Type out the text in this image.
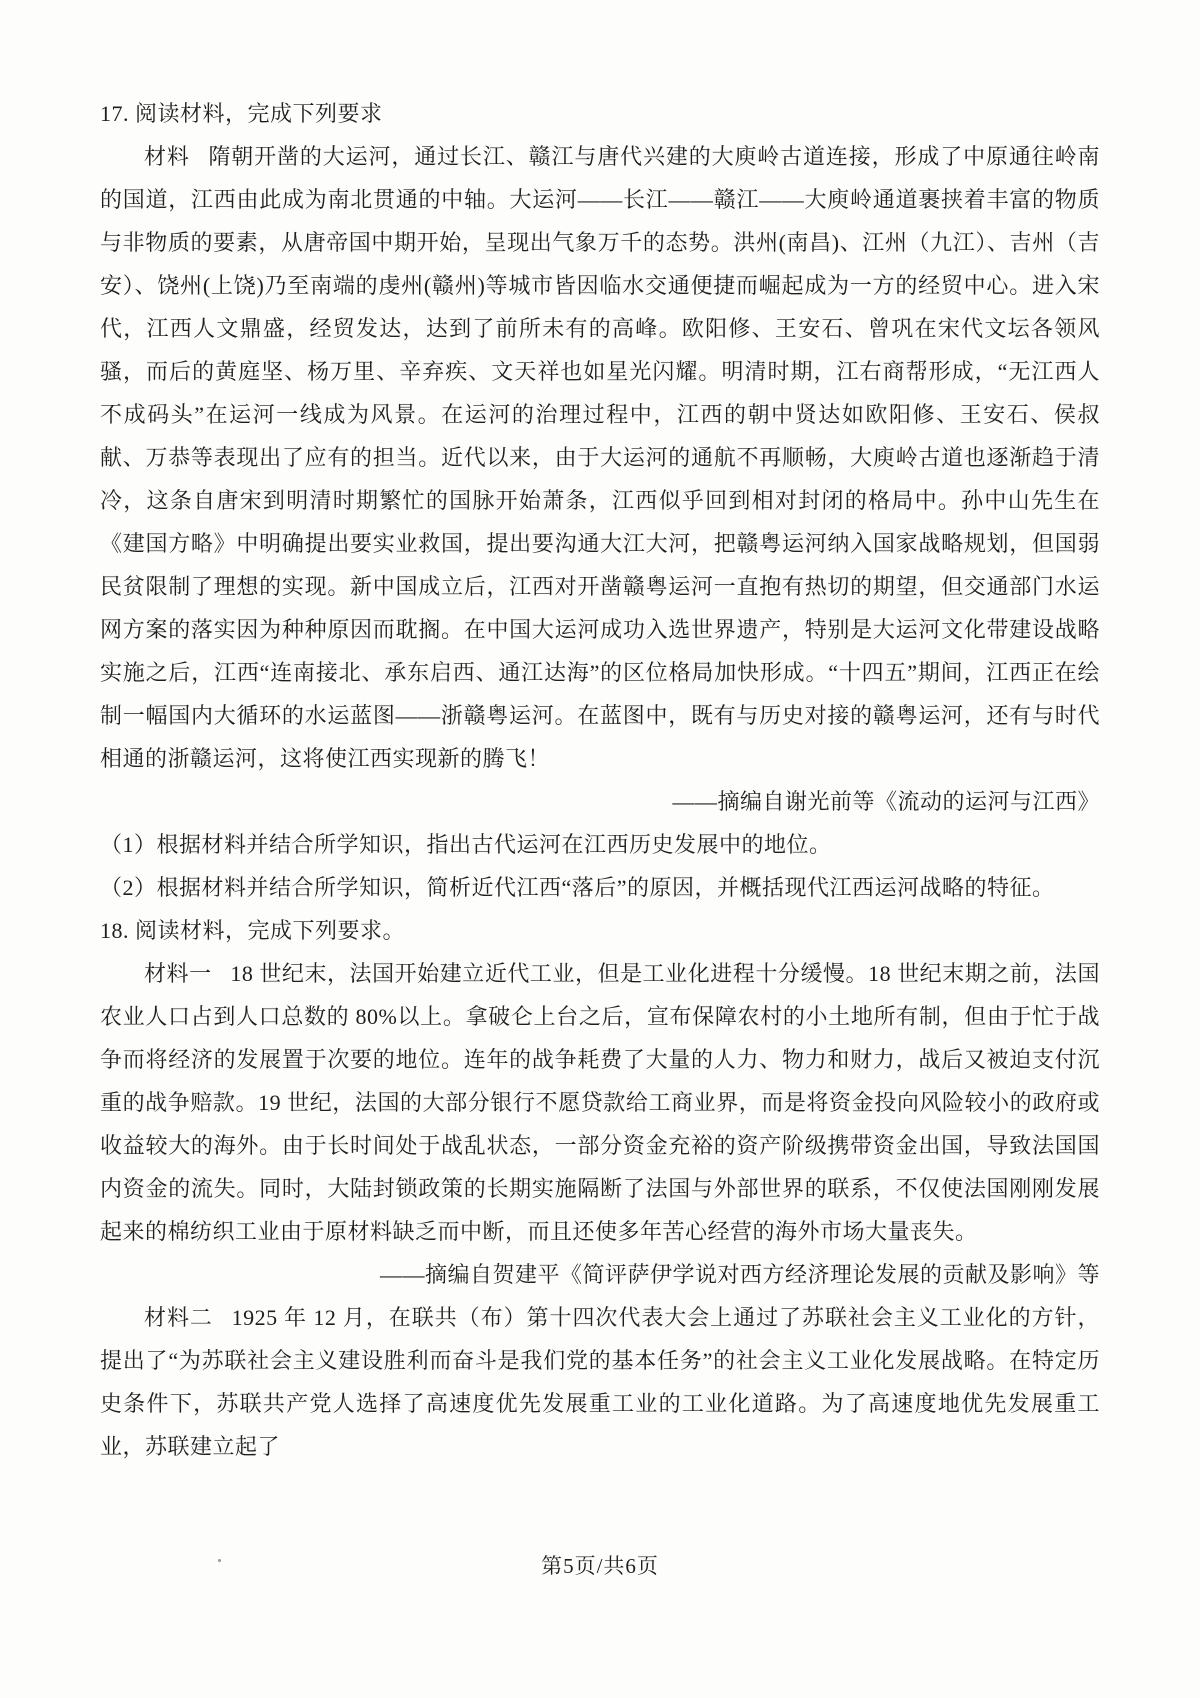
17. 阅读材料，完成下列要求

材料 隋朝开凿的大运河，通过长江、赣江与唐代兴建的大庾岭古道连接，形成了中原通往岭南的国道，江西由此成为南北贯通的中轴。大运河——长江——赣江——大庾岭通道裹挟着丰富的物质与非物质的要素，从唐帝国中期开始，呈现出气象万千的态势。洪州(南昌)、江州（九江）、吉州（吉安）、饶州(上饶)乃至南端的虔州(赣州)等城市皆因临水交通便捷而崛起成为一方的经贸中心。进入宋代，江西人文鼎盛，经贸发达，达到了前所未有的高峰。欧阳修、王安石、曾巩在宋代文坛各领风骚，而后的黄庭坚、杨万里、辛弃疾、文天祥也如星光闪耀。明清时期，江右商帮形成，“无江西人不成码头”在运河一线成为风景。在运河的治理过程中，江西的朝中贤达如欧阳修、王安石、侯叔献、万恭等表现出了应有的担当。近代以来，由于大运河的通航不再顺畅，大庾岭古道也逐渐趋于清冷，这条自唐宋到明清时期繁忙的国脉开始萧条，江西似乎回到相对封闭的格局中。孙中山先生在《建国方略》中明确提出要实业救国，提出要沟通大江大河，把赣粤运河纳入国家战略规划，但国弱民贫限制了理想的实现。新中国成立后，江西对开凿赣粤运河一直抱有热切的期望，但交通部门水运网方案的落实因为种种原因而耽搁。在中国大运河成功入选世界遗产，特别是大运河文化带建设战略实施之后，江西“连南接北、承东启西、通江达海”的区位格局加快形成。“十四五”期间，江西正在绘制一幅国内大循环的水运蓝图——浙赣粤运河。在蓝图中，既有与历史对接的赣粤运河，还有与时代相通的浙赣运河，这将使江西实现新的腾飞！

——摘编自谢光前等《流动的运河与江西》

（1）根据材料并结合所学知识，指出古代运河在江西历史发展中的地位。

（2）根据材料并结合所学知识，简析近代江西“落后”的原因，并概括现代江西运河战略的特征。

18. 阅读材料，完成下列要求。

材料一 18 世纪末，法国开始建立近代工业，但是工业化进程十分缓慢。18 世纪末期之前，法国农业人口占到人口总数的 80%以上。拿破仑上台之后，宣布保障农村的小土地所有制，但由于忙于战争而将经济的发展置于次要的地位。连年的战争耗费了大量的人力、物力和财力，战后又被迫支付沉重的战争赔款。19 世纪，法国的大部分银行不愿贷款给工商业界，而是将资金投向风险较小的政府或收益较大的海外。由于长时间处于战乱状态，一部分资金充裕的资产阶级携带资金出国，导致法国国内资金的流失。同时，大陆封锁政策的长期实施隔断了法国与外部世界的联系，不仅使法国刚刚发展起来的棉纺织工业由于原材料缺乏而中断，而且还使多年苦心经营的海外市场大量丧失。

——摘编自贺建平《简评萨伊学说对西方经济理论发展的贡献及影响》等

材料二 1925 年 12 月，在联共（布）第十四次代表大会上通过了苏联社会主义工业化的方针，提出了“为苏联社会主义建设胜利而奋斗是我们党的基本任务”的社会主义工业化发展战略。在特定历史条件下，苏联共产党人选择了高速度优先发展重工业的工业化道路。为了高速度地优先发展重工业，苏联建立起了

第5页/共6页
